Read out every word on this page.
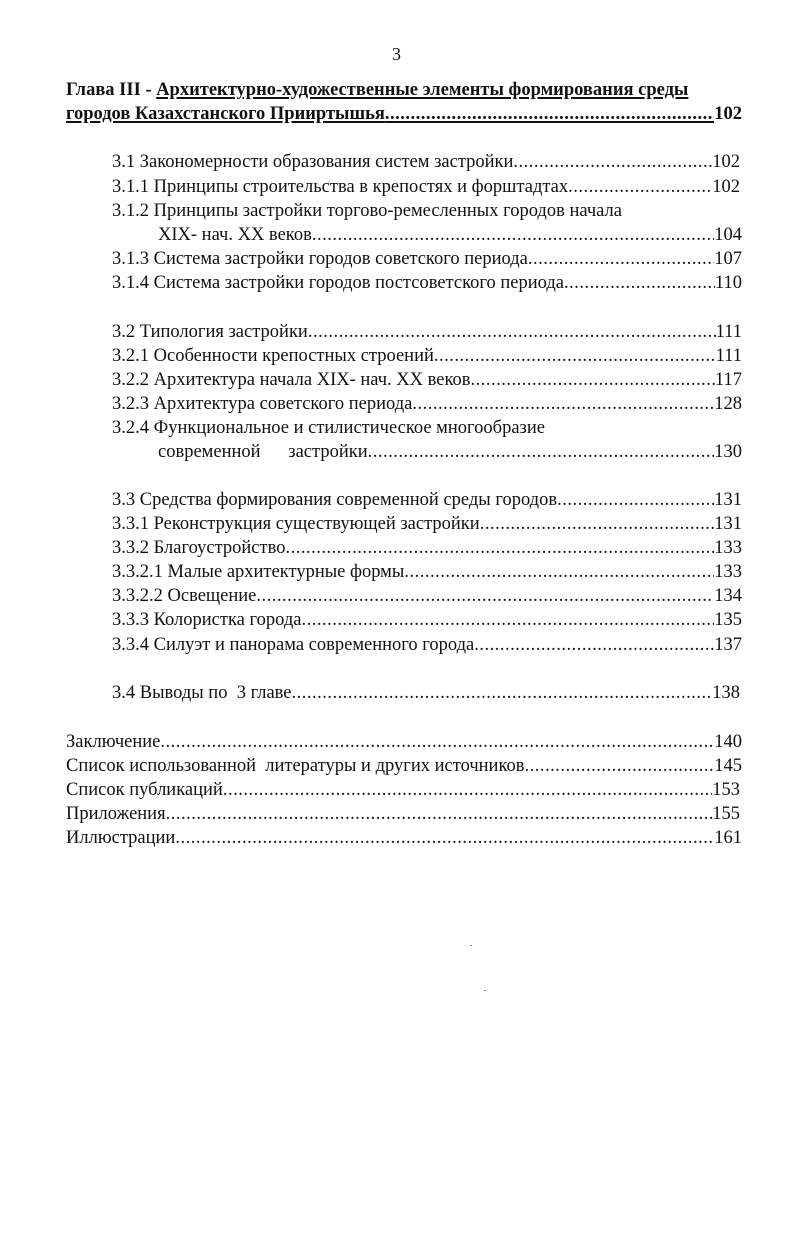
3
Глава III - Архитектурно-художественные элементы формирования среды
городов Казахстанского Прииртышья .....	102
3.1 Закономерности образования систем застройки .....	102
3.1.1 Принципы строительства в крепостях и форштадтах .....	102
3.1.2 Принципы застройки торгово-ремесленных городов начала
XIX- нач. XX веков .....	104
3.1.3 Система застройки городов советского периода .....	107
3.1.4 Система застройки городов постсоветского периода .....	110
3.2 Типология застройки .....	111
3.2.1 Особенности крепостных строений .....	111
3.2.2 Архитектура начала XIX- нач. XX веков .....	117
3.2.3 Архитектура советского периода .....	128
3.2.4 Функциональное и стилистическое многообразие
современной      застройки .....	130
3.3 Средства формирования современной среды городов .....	131
3.3.1 Реконструкция существующей застройки .....	131
3.3.2 Благоустройство .....	133
3.3.2.1 Малые архитектурные формы .....	133
3.3.2.2 Освещение .....	134
3.3.3 Колористка города .....	135
3.3.4 Силуэт и панорама современного города .....	137
3.4 Выводы по  3 главе .....	138
Заключение .....	140
Список использованной  литературы и других источников .....	145
Список публикаций .....	153
Приложения .....	155
Иллюстрации .....	161
